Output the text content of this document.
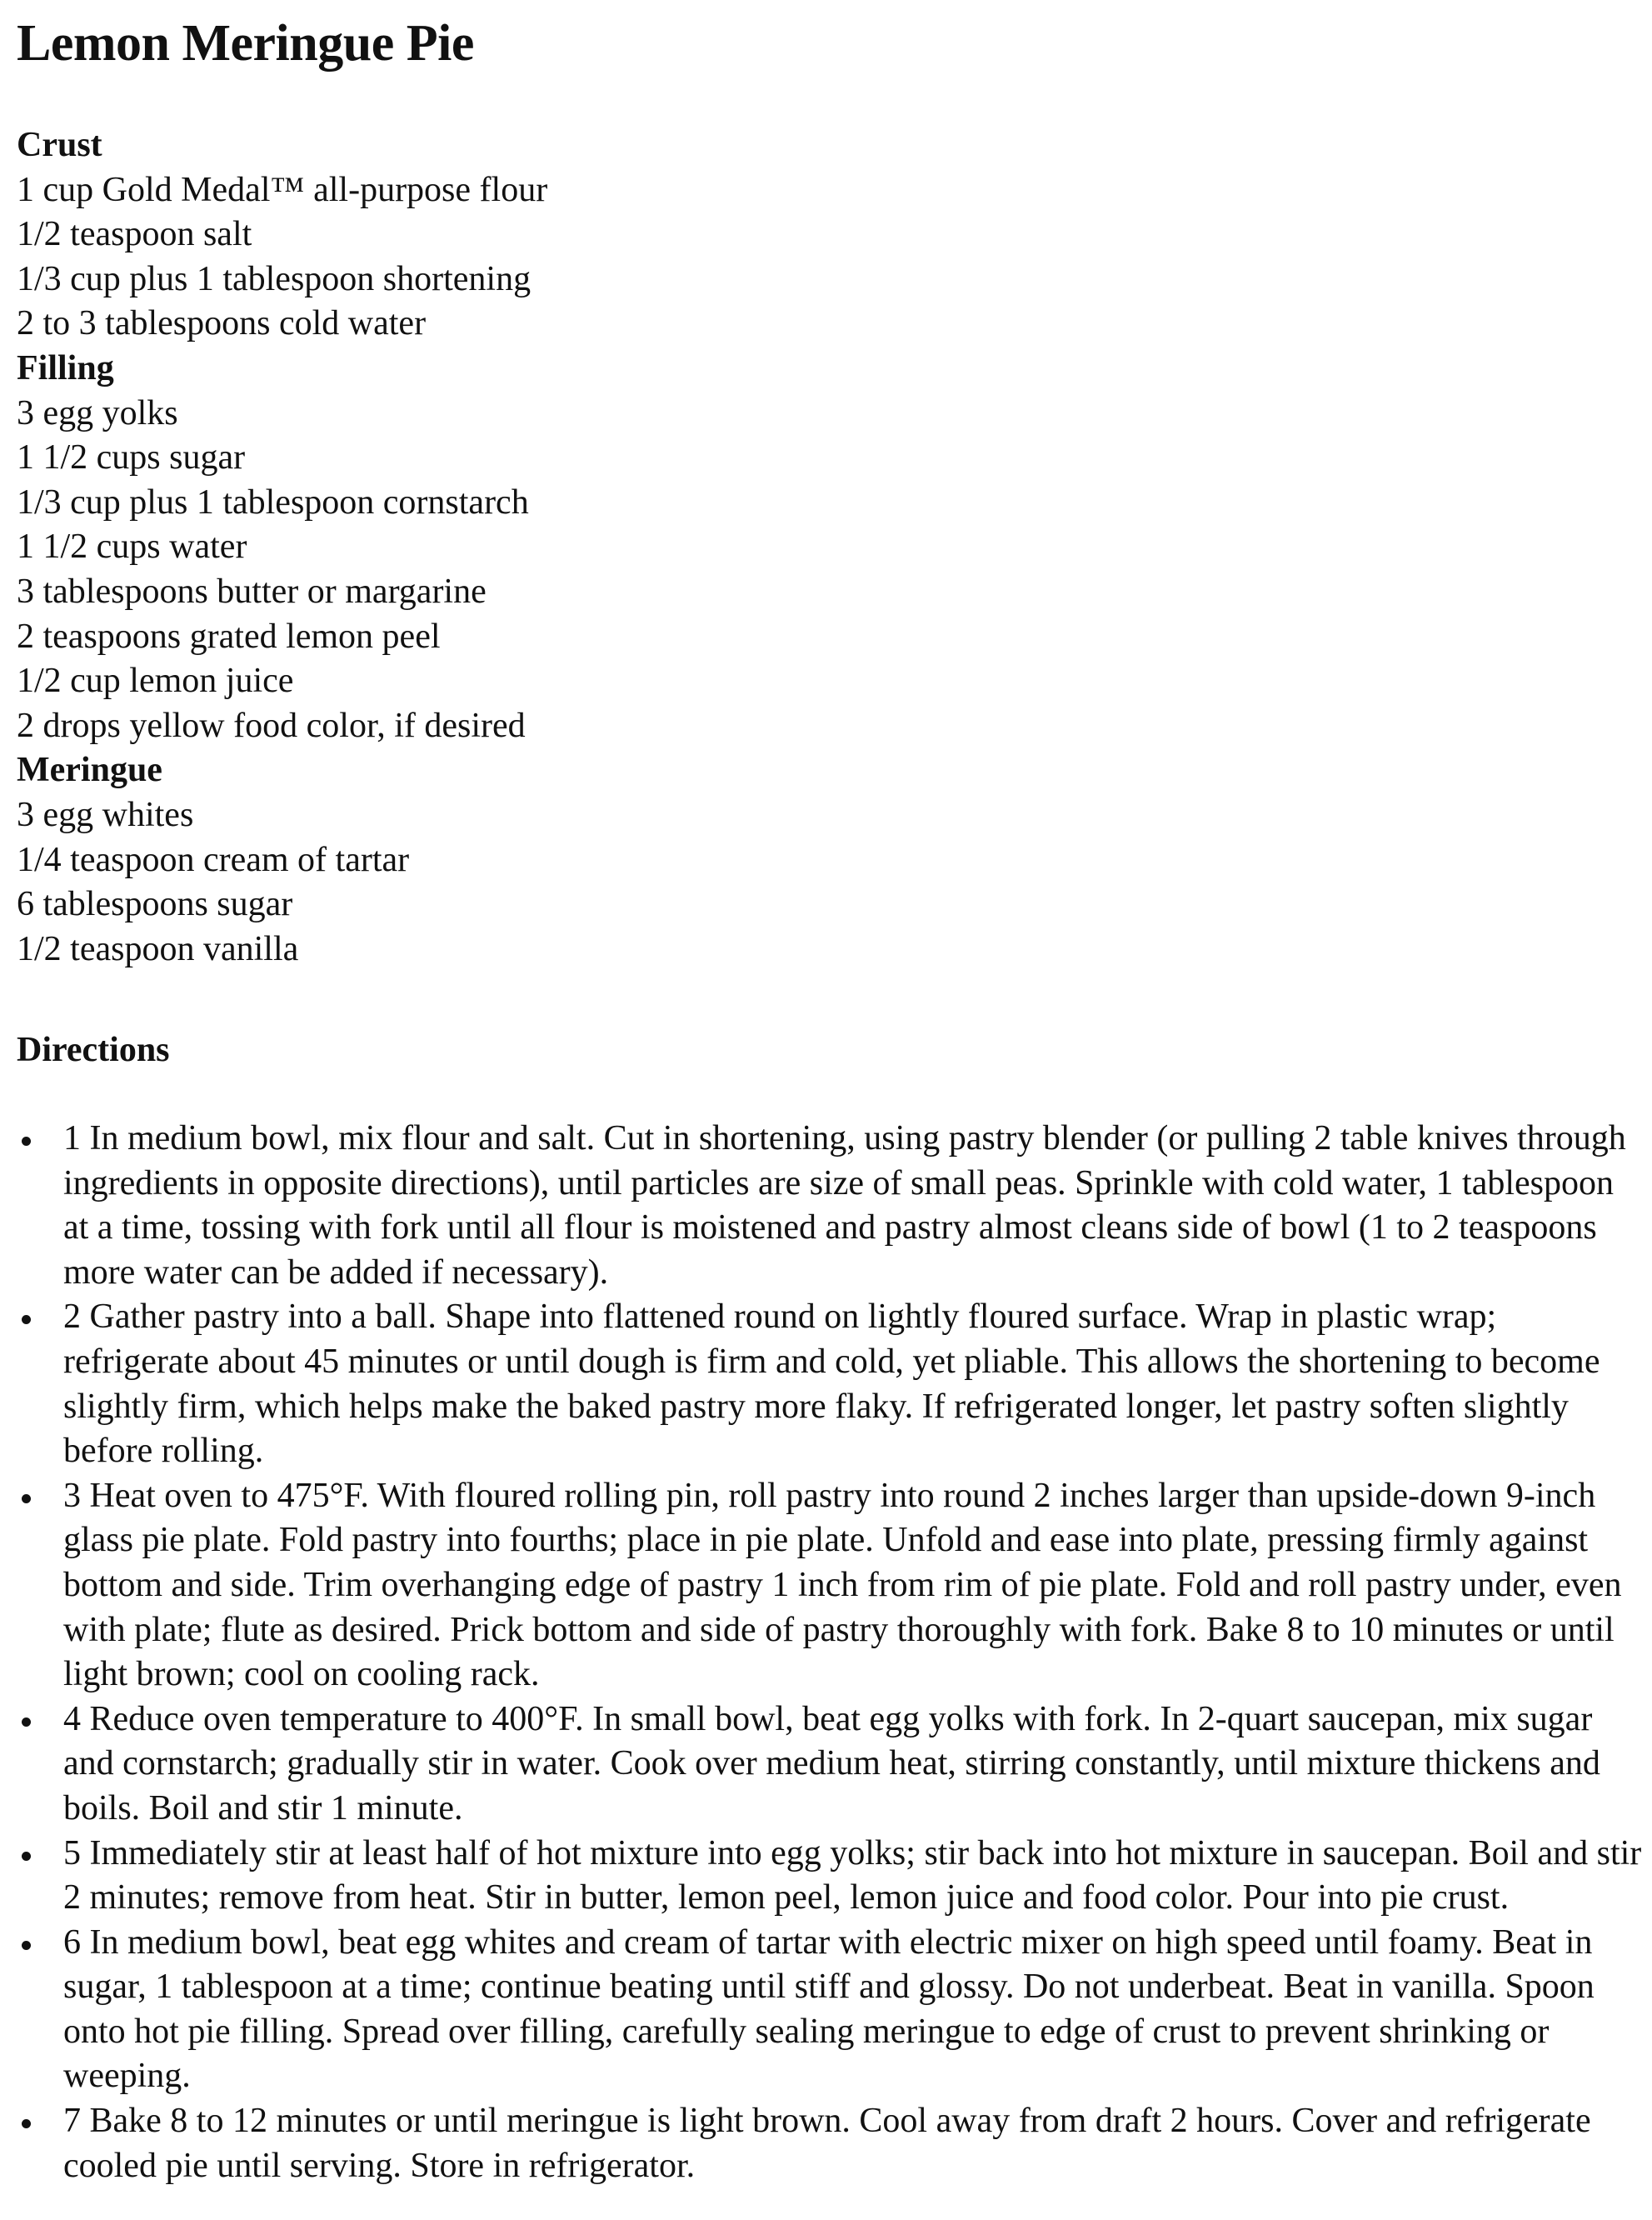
Lemon Meringue Pie
Crust
1 cup Gold Medal™ all-purpose flour
1/2 teaspoon salt
1/3 cup plus 1 tablespoon shortening
2 to 3 tablespoons cold water
Filling
3 egg yolks
1 1/2 cups sugar
1/3 cup plus 1 tablespoon cornstarch
1 1/2 cups water
3 tablespoons butter or margarine
2 teaspoons grated lemon peel
1/2 cup lemon juice
2 drops yellow food color, if desired
Meringue
3 egg whites
1/4 teaspoon cream of tartar
6 tablespoons sugar
1/2 teaspoon vanilla
Directions
1 In medium bowl, mix flour and salt. Cut in shortening, using pastry blender (or pulling 2 table knives through ingredients in opposite directions), until particles are size of small peas. Sprinkle with cold water, 1 tablespoon at a time, tossing with fork until all flour is moistened and pastry almost cleans side of bowl (1 to 2 teaspoons more water can be added if necessary).
2 Gather pastry into a ball. Shape into flattened round on lightly floured surface. Wrap in plastic wrap; refrigerate about 45 minutes or until dough is firm and cold, yet pliable. This allows the shortening to become slightly firm, which helps make the baked pastry more flaky. If refrigerated longer, let pastry soften slightly before rolling.
3 Heat oven to 475°F. With floured rolling pin, roll pastry into round 2 inches larger than upside-down 9-inch glass pie plate. Fold pastry into fourths; place in pie plate. Unfold and ease into plate, pressing firmly against bottom and side. Trim overhanging edge of pastry 1 inch from rim of pie plate. Fold and roll pastry under, even with plate; flute as desired. Prick bottom and side of pastry thoroughly with fork. Bake 8 to 10 minutes or until light brown; cool on cooling rack.
4 Reduce oven temperature to 400°F. In small bowl, beat egg yolks with fork. In 2-quart saucepan, mix sugar and cornstarch; gradually stir in water. Cook over medium heat, stirring constantly, until mixture thickens and boils. Boil and stir 1 minute.
5 Immediately stir at least half of hot mixture into egg yolks; stir back into hot mixture in saucepan. Boil and stir 2 minutes; remove from heat. Stir in butter, lemon peel, lemon juice and food color. Pour into pie crust.
6 In medium bowl, beat egg whites and cream of tartar with electric mixer on high speed until foamy. Beat in sugar, 1 tablespoon at a time; continue beating until stiff and glossy. Do not underbeat. Beat in vanilla. Spoon onto hot pie filling. Spread over filling, carefully sealing meringue to edge of crust to prevent shrinking or weeping.
7 Bake 8 to 12 minutes or until meringue is light brown. Cool away from draft 2 hours. Cover and refrigerate cooled pie until serving. Store in refrigerator.
